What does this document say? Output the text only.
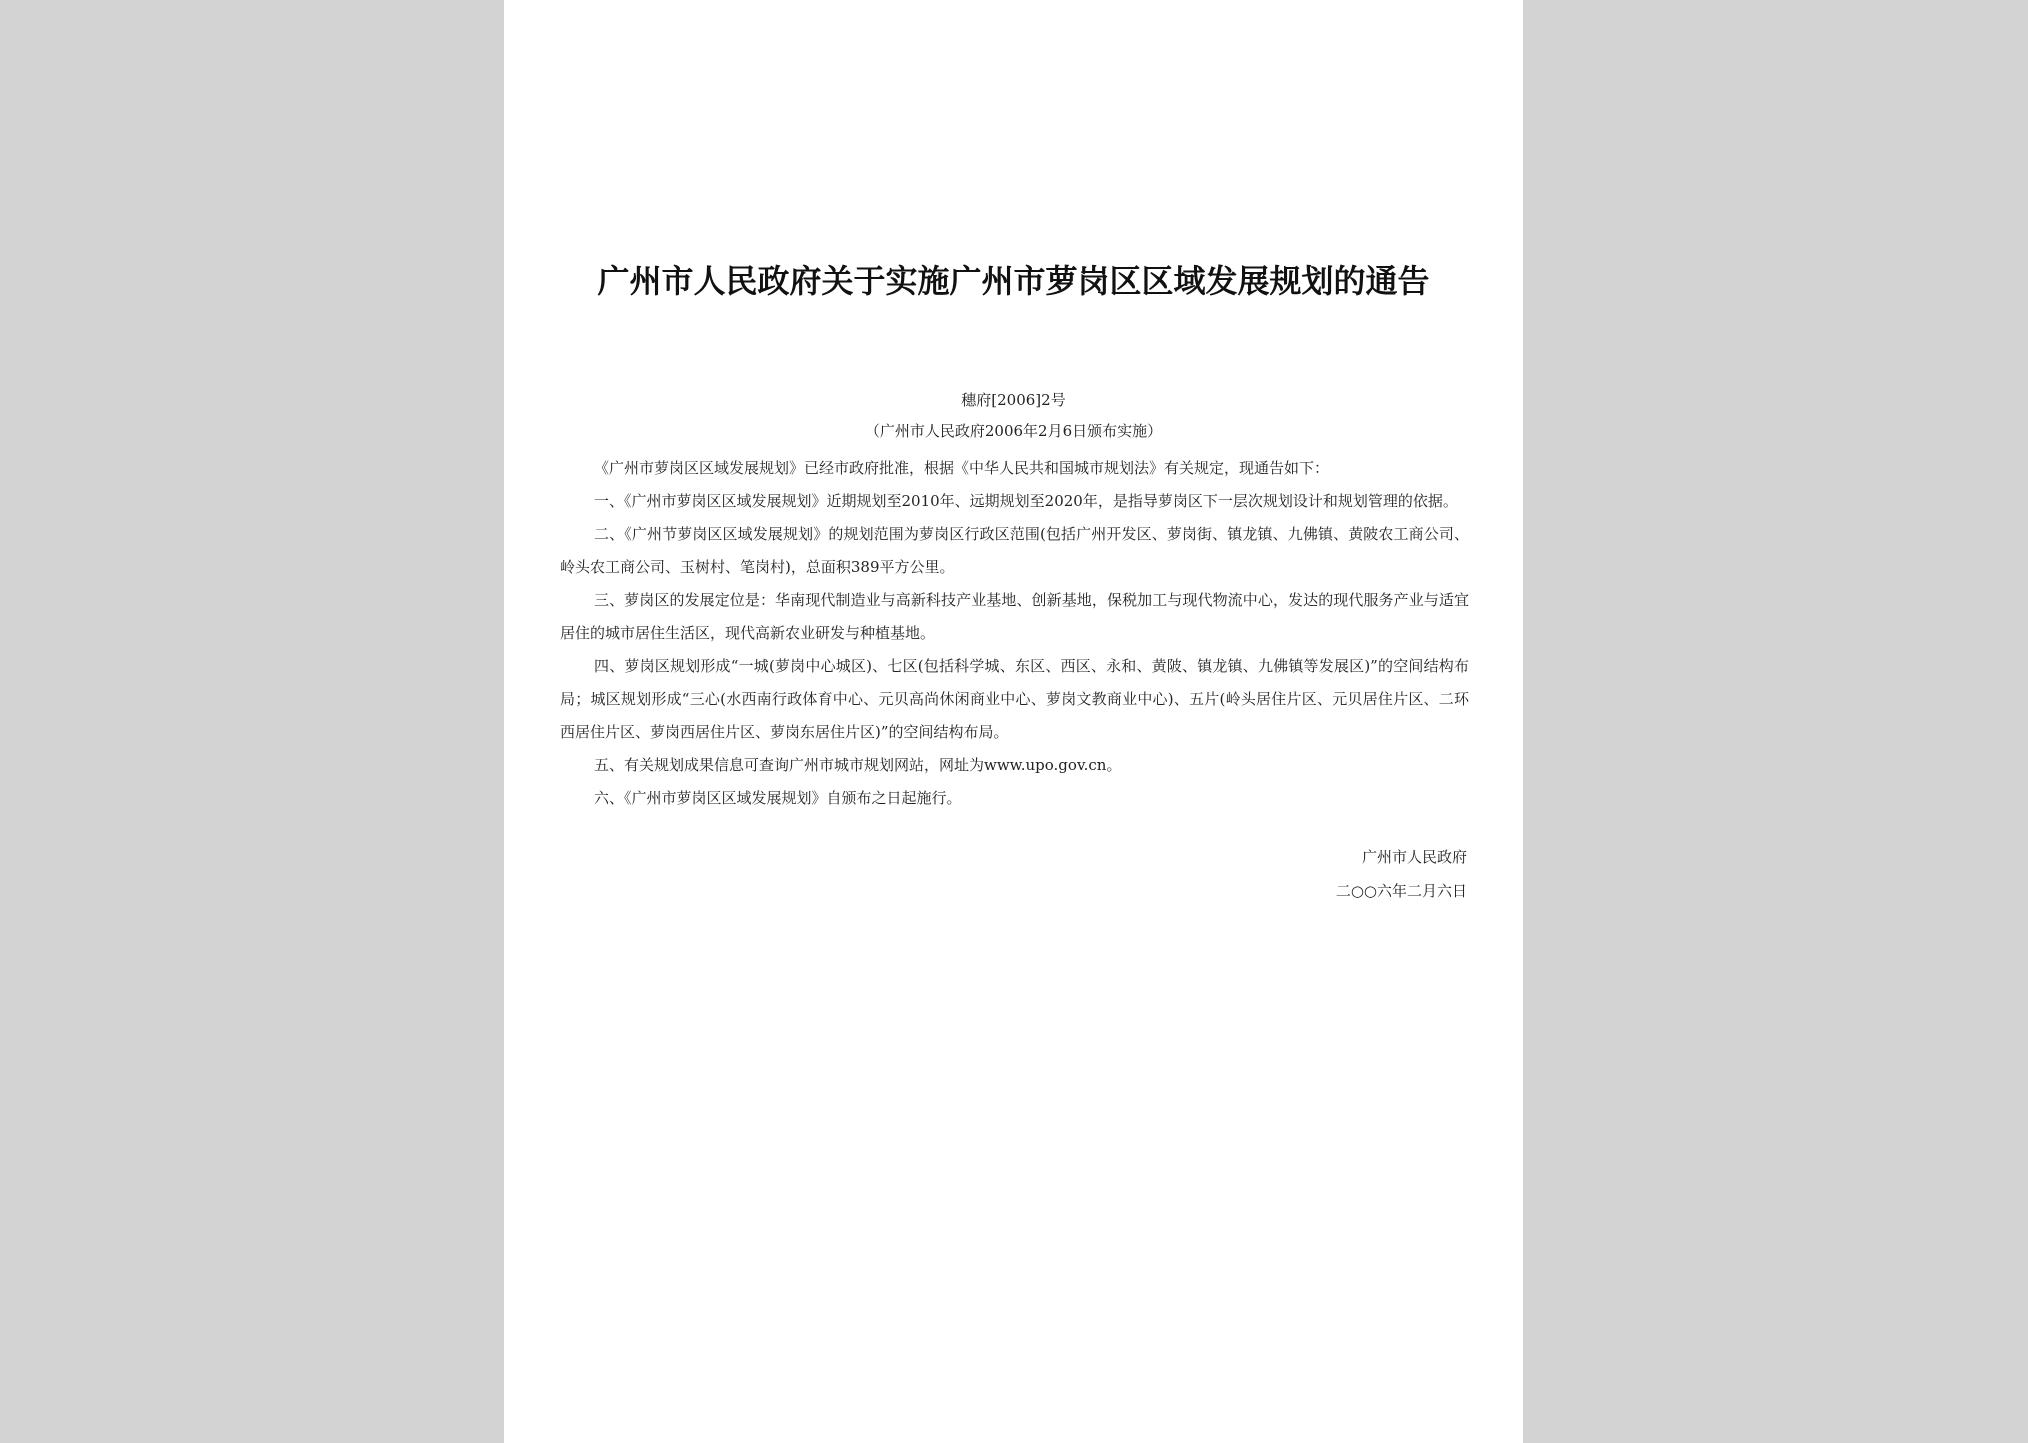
广州市人民政府关于实施广州市萝岗区区域发展规划的通告
穗府[2006]2号
（广州市人民政府2006年2月6日颁布实施）

《广州市萝岗区区域发展规划》已经市政府批准，根据《中华人民共和国城市规划法》有关规定，现通告如下：

一、《广州市萝岗区区域发展规划》近期规划至2010年、远期规划至2020年，是指导萝岗区下一层次规划设计和规划管理的依据。

二、《广州节萝岗区区域发展规划》的规划范围为萝岗区行政区范围(包括广州开发区、萝岗街、镇龙镇、九佛镇、黄陂农工商公司、岭头农工商公司、玉树村、笔岗村)，总面积389平方公里。

三、萝岗区的发展定位是：华南现代制造业与高新科技产业基地、创新基地，保税加工与现代物流中心，发达的现代服务产业与适宜居住的城市居住生活区，现代高新农业研发与种植基地。

四、萝岗区规划形成“一城(萝岗中心城区)、七区(包括科学城、东区、西区、永和、黄陂、镇龙镇、九佛镇等发展区)”的空间结构布局；城区规划形成“三心(水西南行政体育中心、元贝高尚休闲商业中心、萝岗文教商业中心)、五片(岭头居住片区、元贝居住片区、二环西居住片区、萝岗西居住片区、萝岗东居住片区)”的空间结构布局。

五、有关规划成果信息可查询广州市城市规划网站，网址为www.upo.gov.cn。

六、《广州市萝岗区区域发展规划》自颁布之日起施行。

广州市人民政府
二○○六年二月六日
